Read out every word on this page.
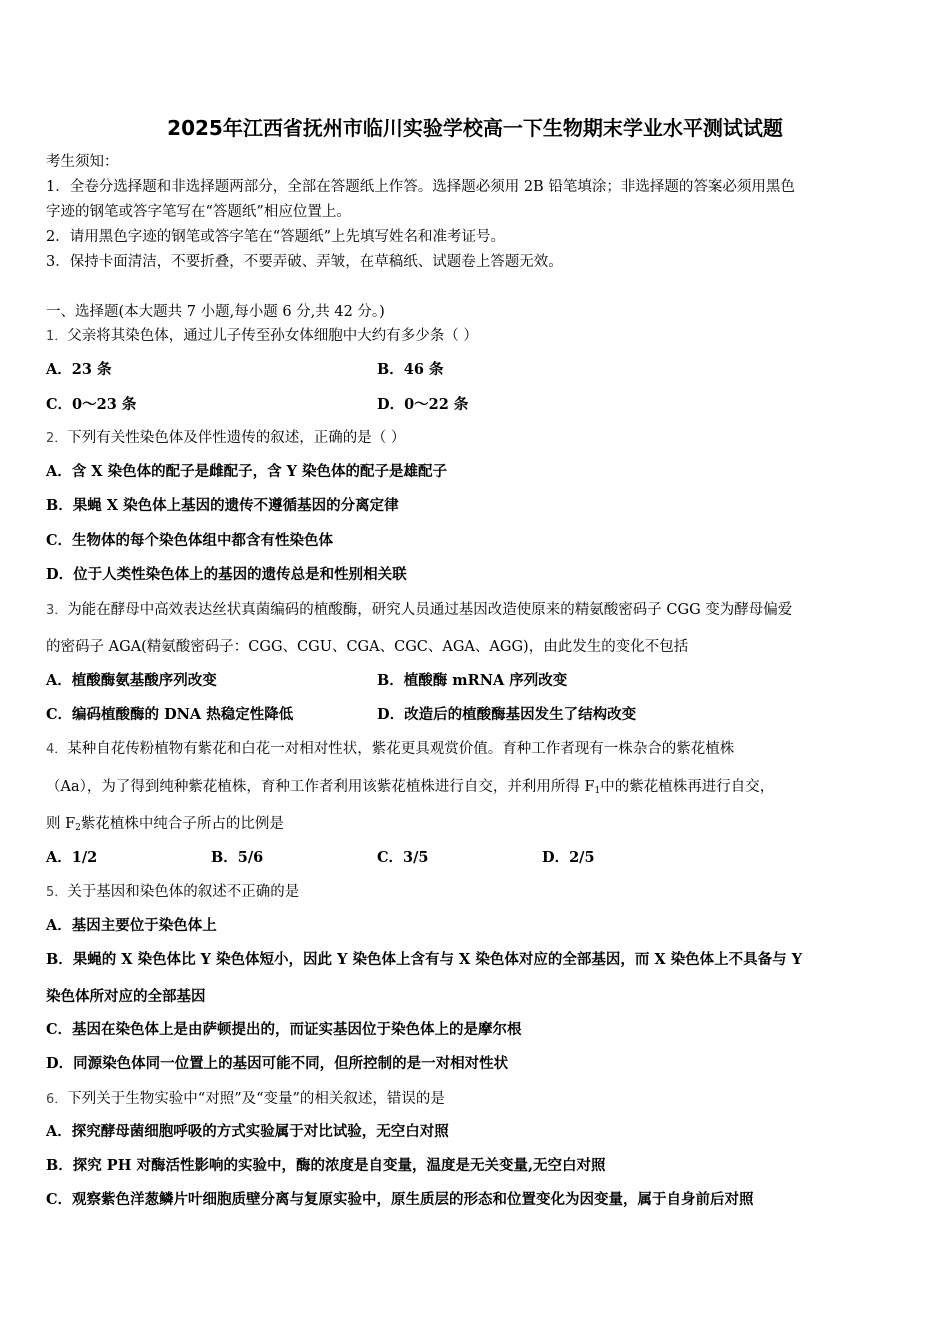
2025年江西省抚州市临川实验学校高一下生物期末学业水平测试试题
考生须知：
1．全卷分选择题和非选择题两部分，全部在答题纸上作答。选择题必须用 2B 铅笔填涂；非选择题的答案必须用黑色
字迹的钢笔或答字笔写在“答题纸”相应位置上。
2．请用黑色字迹的钢笔或答字笔在“答题纸”上先填写姓名和准考证号。
3．保持卡面清洁，不要折叠，不要弄破、弄皱，在草稿纸、试题卷上答题无效。
一、选择题(本大题共 7 小题,每小题 6 分,共 42 分。)
1．父亲将其染色体，通过儿子传至孙女体细胞中大约有多少条（ ）
A．23 条	B．46 条
C．0～23 条	D．0～22 条
2．下列有关性染色体及伴性遗传的叙述，正确的是（ ）
A．含 X 染色体的配子是雌配子，含 Y 染色体的配子是雄配子
B．果蝇 X 染色体上基因的遗传不遵循基因的分离定律
C．生物体的每个染色体组中都含有性染色体
D．位于人类性染色体上的基因的遗传总是和性别相关联
3．为能在酵母中高效表达丝状真菌编码的植酸酶，研究人员通过基因改造使原来的精氨酸密码子 CGG 变为酵母偏爱
的密码子 AGA(精氨酸密码子：CGG、CGU、CGA、CGC、AGA、AGG)，由此发生的变化不包括
A．植酸酶氨基酸序列改变	B．植酸酶 mRNA 序列改变
C．编码植酸酶的 DNA 热稳定性降低	D．改造后的植酸酶基因发生了结构改变
4．某种自花传粉植物有紫花和白花一对相对性状，紫花更具观赏价值。育种工作者现有一株杂合的紫花植株
（Aa），为了得到纯种紫花植株，育种工作者利用该紫花植株进行自交，并利用所得 $F_1$中的紫花植株再进行自交，
则 $F_2$紫花植株中纯合子所占的比例是
A．1/2	B．5/6	C．3/5	D．2/5
5．关于基因和染色体的叙述不正确的是
A．基因主要位于染色体上
B．果蝇的 X 染色体比 Y 染色体短小，因此 Y 染色体上含有与 X 染色体对应的全部基因，而 X 染色体上不具备与 Y
染色体所对应的全部基因
C．基因在染色体上是由萨顿提出的，而证实基因位于染色体上的是摩尔根
D．同源染色体同一位置上的基因可能不同，但所控制的是一对相对性状
6．下列关于生物实验中“对照”及“变量”的相关叙述，错误的是
A．探究酵母菌细胞呼吸的方式实验属于对比试验，无空白对照
B．探究 PH 对酶活性影响的实验中，酶的浓度是自变量，温度是无关变量,无空白对照
C．观察紫色洋葱鳞片叶细胞质壁分离与复原实验中，原生质层的形态和位置变化为因变量，属于自身前后对照
